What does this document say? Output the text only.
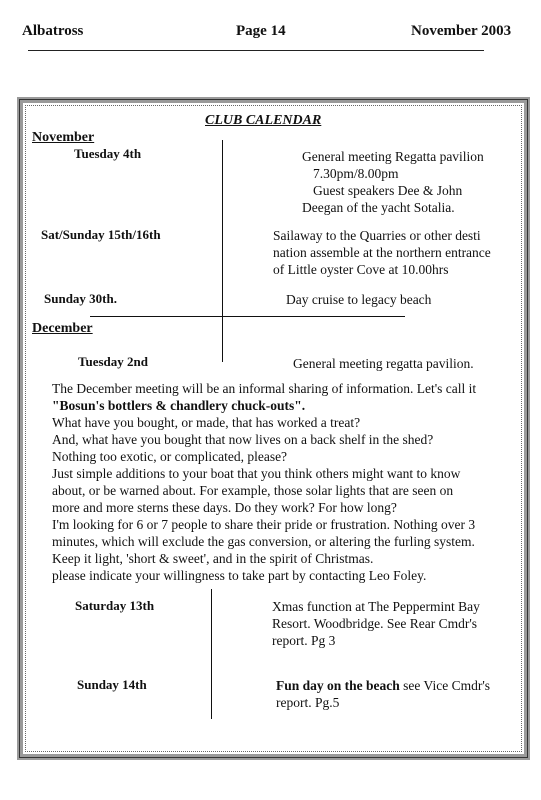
Albatross	Page 14	November 2003
CLUB CALENDAR
November
Tuesday 4th	General meeting Regatta pavilion
7.30pm/8.00pm
Guest speakers Dee & John
Deegan of the yacht Sotalia.
Sat/Sunday 15th/16th	Sailaway to the Quarries or other desti
nation assemble at the northern entrance
of Little oyster Cove at 10.00hrs
Sunday 30th.	Day cruise to legacy beach
December
Tuesday 2nd	General meeting regatta pavilion.

The December meeting will be an informal sharing of information. Let's call it

"Bosun's bottlers & chandlery chuck-outs".

What have you bought, or made, that has worked a treat?

And, what have you bought that now lives on a back shelf in the shed?

Nothing too exotic, or complicated, please?

Just simple additions to your boat that you think others might want to know

about, or be warned about. For example, those solar lights that are seen on

more and more sterns these days. Do they work? For how long?

I'm looking for 6 or 7 people to share their pride or frustration. Nothing over 3

minutes, which will exclude the gas conversion, or altering the furling system.

Keep it light, 'short & sweet', and in the spirit of Christmas.

please indicate your willingness to take part by contacting Leo Foley.

Saturday 13th	Xmas function at The Peppermint Bay
Resort. Woodbridge. See Rear Cmdr's
report. Pg 3
Sunday 14th	Fun day on the beach see Vice Cmdr's
report. Pg.5
